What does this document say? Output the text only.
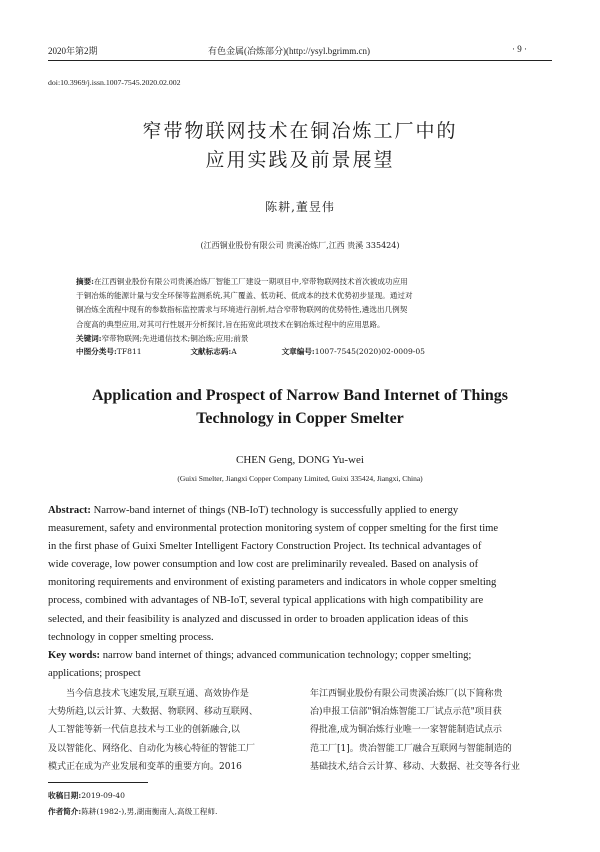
2020年第2期	有色金属(冶炼部分)(http://ysyl.bgrimm.cn)	· 9 ·
doi:10.3969/j.issn.1007-7545.2020.02.002
窄带物联网技术在铜冶炼工厂中的
应用实践及前景展望
陈耕,董昱伟
(江西铜业股份有限公司 贵溪冶炼厂,江西 贵溪 335424)
摘要:在江西铜业股份有限公司贵溪冶炼厂智能工厂建设一期项目中,窄带物联网技术首次被成功应用
于铜冶炼的能源计量与安全环保等监测系统,其广覆盖、低功耗、低成本的技术优势初步显现。通过对
铜冶炼全流程中现有的参数指标监控需求与环境进行剖析,结合窄带物联网的优势特性,遴选出几例契
合度高的典型应用,对其可行性展开分析探讨,旨在拓宽此项技术在铜冶炼过程中的应用思路。
关键词:窄带物联网;先进通信技术;铜冶炼;应用;前景
中图分类号:TF811	文献标志码:A	文章编号:1007-7545(2020)02-0009-05
Application and Prospect of Narrow Band Internet of Things
Technology in Copper Smelter
CHEN Geng, DONG Yu-wei
(Guixi Smelter, Jiangxi Copper Company Limited, Guixi 335424, Jiangxi, China)
Abstract: Narrow-band internet of things (NB-IoT) technology is successfully applied to energy
measurement, safety and environmental protection monitoring system of copper smelting for the first time
in the first phase of Guixi Smelter Intelligent Factory Construction Project. Its technical advantages of
wide coverage, low power consumption and low cost are preliminarily revealed. Based on analysis of
monitoring requirements and environment of existing parameters and indicators in whole copper smelting
process, combined with advantages of NB-IoT, several typical applications with high compatibility are
selected, and their feasibility is analyzed and discussed in order to broaden application ideas of this
technology in copper smelting process.
Key words: narrow band internet of things; advanced communication technology; copper smelting;
applications; prospect
当今信息技术飞速发展,互联互通、高效协作是
大势所趋,以云计算、大数据、物联网、移动互联网、
人工智能等新一代信息技术与工业的创新融合,以
及以智能化、网络化、自动化为核心特征的智能工厂
模式正在成为产业发展和变革的重要方向。2016
年江西铜业股份有限公司贵溪冶炼厂(以下简称贵
冶)申报工信部"铜冶炼智能工厂试点示范"项目获
得批准,成为铜冶炼行业唯一一家智能制造试点示
范工厂[1]。贵冶智能工厂融合互联网与智能制造的
基础技术,结合云计算、移动、大数据、社交等各行业
收稿日期:2019-09-40
作者简介:陈耕(1982-),男,湖南衡南人,高级工程师.
